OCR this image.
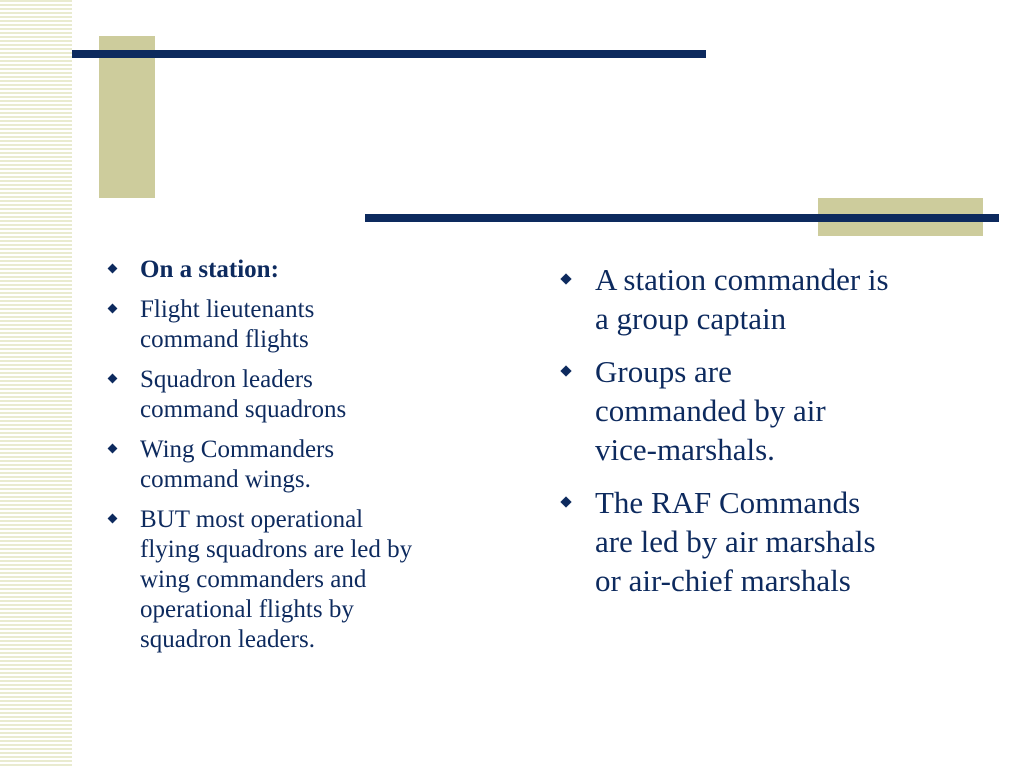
On a station:
Flight lieutenants
command flights
Squadron leaders
command squadrons
Wing Commanders
command wings.
BUT most operational
flying squadrons are led by
wing commanders and
operational flights by
squadron leaders.
A station commander is
a group captain
Groups are
commanded by air
vice-marshals.
The RAF Commands
are led by air marshals
or air-chief marshals
